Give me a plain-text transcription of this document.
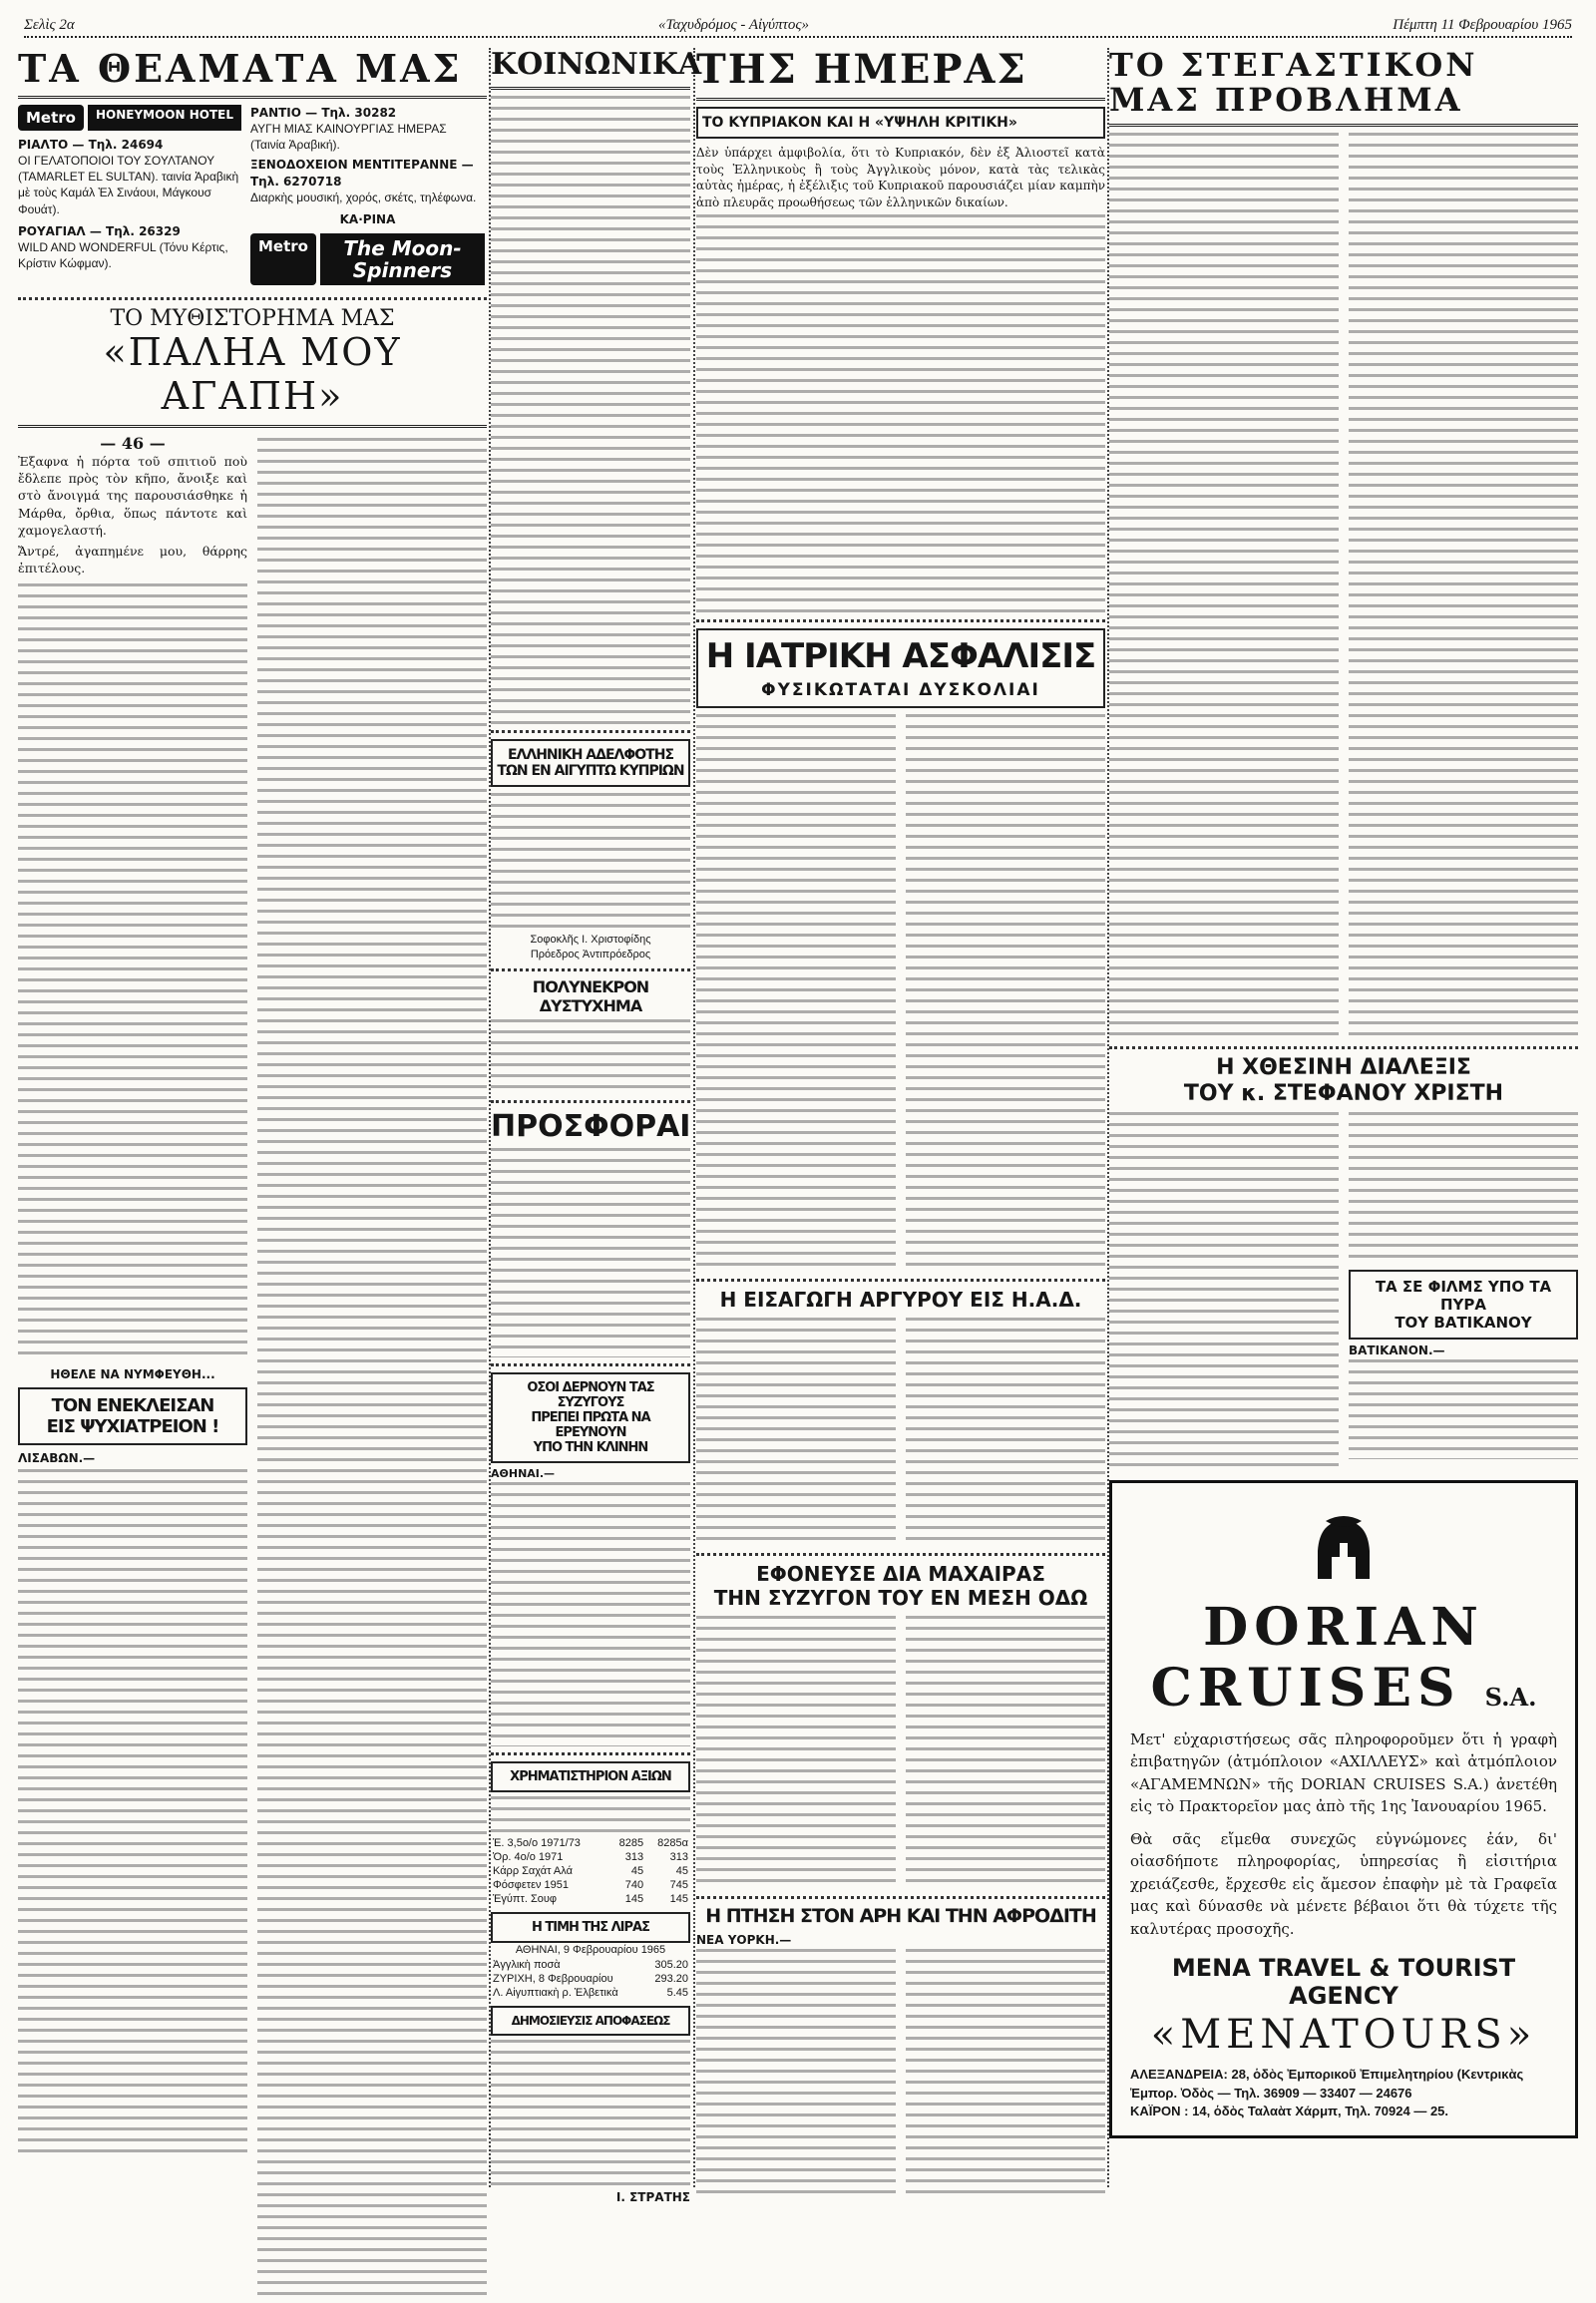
Σελὶς 2α	«Ταχυδρόμος - Αἰγύπτος»	Πέμπτη 11 Φεβρουαρίου 1965
ΤΑ ΘΕΑΜΑΤΑ ΜΑΣ
Metro	HONEYMOON HOTEL
ΡΙΑΛΤΟ — Τηλ. 24694
ΟΙ ΓΕΛΑΤΟΠΟΙΟΙ ΤΟΥ ΣΟΥΛΤΑΝΟΥ (TAMARLET EL SULTAN). ταινία Ἀραβικὴ μὲ τοὺς Καμάλ Ἐλ Σινάουι, Μάγκουσ Φουάτ).
ΡΟΥΑΓΙΑΛ — Τηλ. 26329
WILD AND WONDERFUL (Τόνυ Κέρτις, Κρίστιν Κώφμαν).
ΡΑΝΤΙΟ — Τηλ. 30282
ΑΥΓΗ ΜΙΑΣ ΚΑΙΝΟΥΡΓΙΑΣ ΗΜΕΡΑΣ (Ταινία Ἀραβική).
ΞΕΝΟΔΟΧΕΙΟΝ ΜΕΝΤΙΤΕΡΑΝΝΕ — Τηλ. 6270718
Διαρκὴς μουσική, χορός, σκέτς, τηλέφωνα.
ΚΑ·ΡΙΝΑ
Metro	The Moon-Spinners
ΤΟ ΜΥΘΙΣΤΟΡΗΜΑ ΜΑΣ
«ΠΑΛΗΑ ΜΟΥ ΑΓΑΠΗ»
— 46 —

Ἐξαφνα ἡ πόρτα τοῦ σπιτιοῦ ποὺ ἔδλεπε πρὸς τὸν κῆπο, ἄνοιξε καὶ στὸ ἄνοιγμά της παρουσιάσθηκε ἡ Μάρθα, ὄρθια, ὅπως πάντοτε καὶ χαμογελαστή.

Ἄντρέ, ἀγαπημένε μου, θάρρης ἐπιτέλους.

ΗΘΕΛΕ ΝΑ ΝΥΜΦΕΥΘΗ...
ΤΟΝ ΕΝΕΚΛΕΙΣΑΝ
ΕΙΣ ΨΥΧΙΑΤΡΕΙΟΝ !
ΛΙΣΑΒΩΝ.—
ΚΟΙΝΩΝΙΚΑ
ΕΛΛΗΝΙΚΗ ΑΔΕΛΦΟΤΗΣ
ΤΩΝ ΕΝ ΑΙΓΥΠΤΩ ΚΥΠΡΙΩΝ
Σοφοκλῆς Ι. Χριστοφίδης
Πρόεδρος Ἀντιπρόεδρος
ΠΟΛΥΝΕΚΡΟΝ ΔΥΣΤΥΧΗΜΑ
ΠΡΟΣΦΟΡΑΙ
ΟΣΟΙ ΔΕΡΝΟΥΝ ΤΑΣ ΣΥΖΥΓΟΥΣ
ΠΡΕΠΕΙ ΠΡΩΤΑ ΝΑ ΕΡΕΥΝΟΥΝ
ΥΠΟ ΤΗΝ ΚΛΙΝΗΝ
ΑΘΗΝΑΙ.—
ΧΡΗΜΑΤΙΣΤΗΡΙΟΝ ΑΞΙΩΝ
Ἐ. 3,5ο/ο 1971/73	8285	8285α
Ὁρ. 4ο/ο 1971	313	313
Κάρρ Σαχάτ Αλά	45	45
Φόσφετεν 1951	740	745
Ἐγύπτ. Σουφ	145	145
Η ΤΙΜΗ ΤΗΣ ΛΙΡΑΣ
ΑΘΗΝΑΙ, 9 Φεβρουαρίου 1965
Ἀγγλικὴ ποσὰ	305.20
ΖΥΡΙΧΗ, 8 Φεβρουαρίου	293.20
Λ. Αἰγυπτιακὴ ρ. Ἑλβετικὰ	5.45
ΔΗΜΟΣΙΕΥΣΙΣ ΑΠΟΦΑΣΕΩΣ
Ι. ΣΤΡΑΤΗΣ
ΤΗΣ ΗΜΕΡΑΣ
ΤΟ ΚΥΠΡΙΑΚΟΝ ΚΑΙ Η «ΥΨΗΛΗ ΚΡΙΤΙΚΗ»

Δὲν ὑπάρχει ἀμφιβολία, ὅτι τὸ Κυπριακόν, δὲν ἐξ Ἀλιοστεῖ κατὰ τοὺς Ἑλληνικοὺς ἢ τοὺς Ἀγγλικοὺς μόνον, κατὰ τὰς τελικὰς αὐτὰς ἡμέρας, ἡ ἐξέλιξις τοῦ Κυπριακοῦ παρουσιάζει μίαν καμπὴν ἀπὸ πλευρᾶς προωθήσεως τῶν ἑλληνικῶν δικαίων.

Η ΙΑΤΡΙΚΗ ΑΣΦΑΛΙΣΙΣ
ΦΥΣΙΚΩΤΑΤΑΙ ΔΥΣΚΟΛΙΑΙ
Η ΕΙΣΑΓΩΓΗ ΑΡΓΥΡΟΥ ΕΙΣ Η.Α.Δ.
ΕΦΟΝΕΥΣΕ ΔΙΑ ΜΑΧΑΙΡΑΣ
ΤΗΝ ΣΥΖΥΓΟΝ ΤΟΥ ΕΝ ΜΕΣΗ ΟΔΩ
Η ΠΤΗΣΗ ΣΤΟΝ ΑΡΗ ΚΑΙ ΤΗΝ ΑΦΡΟΔΙΤΗ
ΝΕΑ ΥΟΡΚΗ.—
ΤΟ ΣΤΕΓΑΣΤΙΚΟΝ ΜΑΣ ΠΡΟΒΛΗΜΑ
Η ΧΘΕΣΙΝΗ ΔΙΑΛΕΞΙΣ
ΤΟΥ κ. ΣΤΕΦΑΝΟΥ ΧΡΙΣΤΗ
ΤΑ ΣΕ ΦΙΛΜΣ ΥΠΟ ΤΑ ΠΥΡΑ
ΤΟΥ ΒΑΤΙΚΑΝΟΥ
ΒΑΤΙΚΑΝΟΝ.—
DORIAN CRUISES S.A.

Μετ' εὐχαριστήσεως σᾶς πληροφοροῦμεν ὅτι ἡ γραφὴ ἐπιβατηγῶν (ἀτμόπλοιον «ΑΧΙΛΛΕΥΣ» καὶ ἀτμόπλοιον «ΑΓΑΜΕΜΝΩΝ» τῆς DORIAN CRUISES S.A.) ἀνετέθη εἰς τὸ Πρακτορεῖον μας ἀπὸ τῆς 1ης Ἰανουαρίου 1965.

Θὰ σᾶς εἴμεθα συνεχῶς εὐγνώμονες ἐάν, δι' οἱασδήποτε πληροφορίας, ὑπηρεσίας ἢ εἰσιτήρια χρειάζεσθε, ἔρχεσθε εἰς ἄμεσον ἐπαφὴν μὲ τὰ Γραφεῖα μας καὶ δύνασθε νὰ μένετε βέβαιοι ὅτι θὰ τύχετε τῆς καλυτέρας προσοχῆς.

MENA TRAVEL & TOURIST AGENCY
«MENATOURS»
ΑΛΕΞΑΝΔΡΕΙΑ: 28, ὁδὸς Ἐμπορικοῦ Ἐπιμελητηρίου (Κεντρικὰς Ἐμπορ. Ὀδὸς — Τηλ. 36909 — 33407 — 24676
ΚΑΪΡΟΝ : 14, ὁδὸς Ταλαὰτ Χάρμπ, Τηλ. 70924 — 25.
